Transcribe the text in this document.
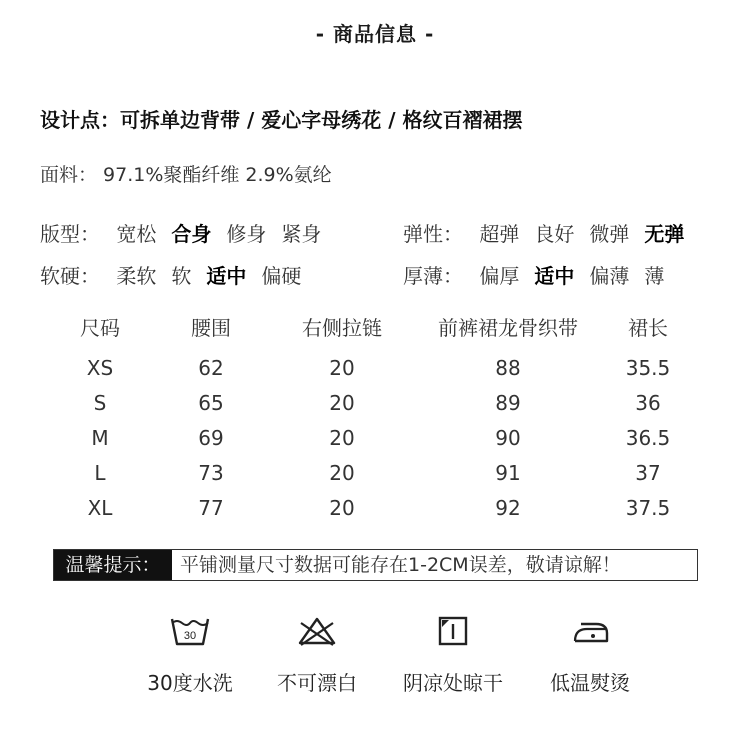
- 商品信息 -
设计点：可拆单边背带 / 爱心字母绣花 / 格纹百褶裙摆
面料： 97.1%聚酯纤维 2.9%氨纶
版型： 宽松 合身 修身 紧身	弹性： 超弹 良好 微弹 无弹
软硬： 柔软 软 适中 偏硬	厚薄： 偏厚 适中 偏薄 薄
尺码	腰围	右侧拉链	前裤裙龙骨织带	裙长
XS	62	20	88	35.5
S	65	20	89	36
M	69	20	90	36.5
L	73	20	91	37
XL	77	20	92	37.5
温馨提示：	平铺测量尺寸数据可能存在1-2CM误差，敬请谅解！
30
30度水洗	不可漂白	阴凉处晾干	低温熨烫
